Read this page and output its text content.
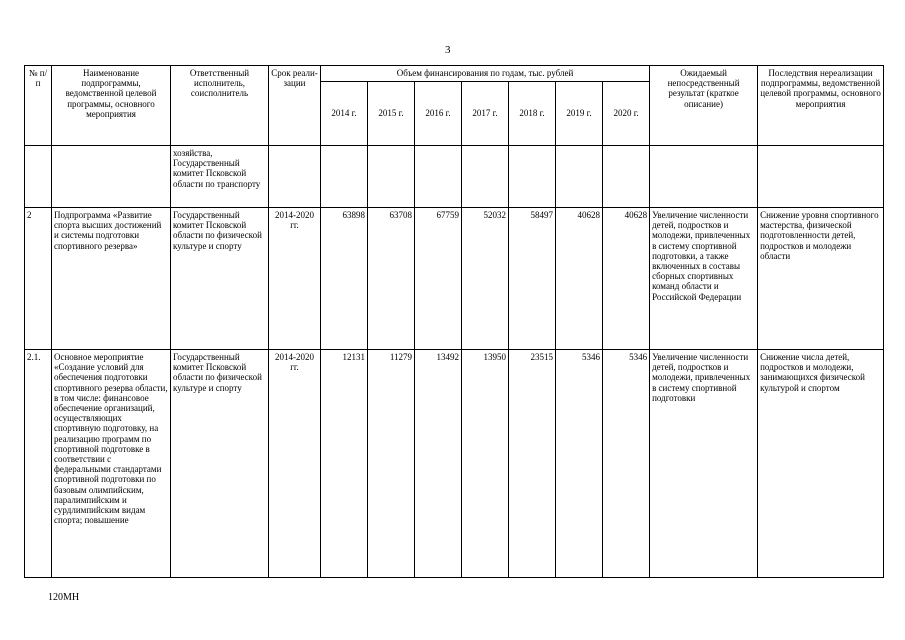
3
№ п/п	Наименование подпрограммы, ведомственной целевой программы, основного мероприятия	Ответственный исполнитель, соисполнитель	Срок реали-зации	Объем финансирования по годам, тыс. рублей							Ожидаемый непосредственный результат (краткое описание)	Последствия нереализации подпрограммы, ведомственной целевой программы, основного мероприятия
				2014 г.	2015 г.	2016 г.	2017 г.	2018 г.	2019 г.	2020 г.		
		хозяйства, Государственный комитет Псковской области по транспорту										
2	Подпрограмма «Развитие спорта высших достижений и системы подготовки спортивного резерва»	Государственный комитет Псковской области по физической культуре и спорту	2014-2020 гг.	63898	63708	67759	52032	58497	40628	40628	Увеличение численности детей, подростков и молодежи, привлеченных в систему спортивной подготовки, а также включенных в составы сборных спортивных команд области и Российской Федерации	Снижение уровня спортивного мастерства, физической подготовленности детей, подростков и молодежи области
2.1.	Основное мероприятие «Создание условий для обеспечения подготовки спортивного резерва области, в том числе: финансовое обеспечение организаций, осуществляющих спортивную подготовку, на реализацию программ по спортивной подготовке в соответствии с федеральными стандартами спортивной подготовки по базовым олимпийским, паралимпийским и сурдлимпийским видам спорта; повышение	Государственный комитет Псковской области по физической культуре и спорту	2014-2020 гг.	12131	11279	13492	13950	23515	5346	5346	Увеличение численности детей, подростков и молодежи, привлеченных в систему спортивной подготовки	Снижение числа детей, подростков и молодежи, занимающихся физической культурой и спортом
120МН
